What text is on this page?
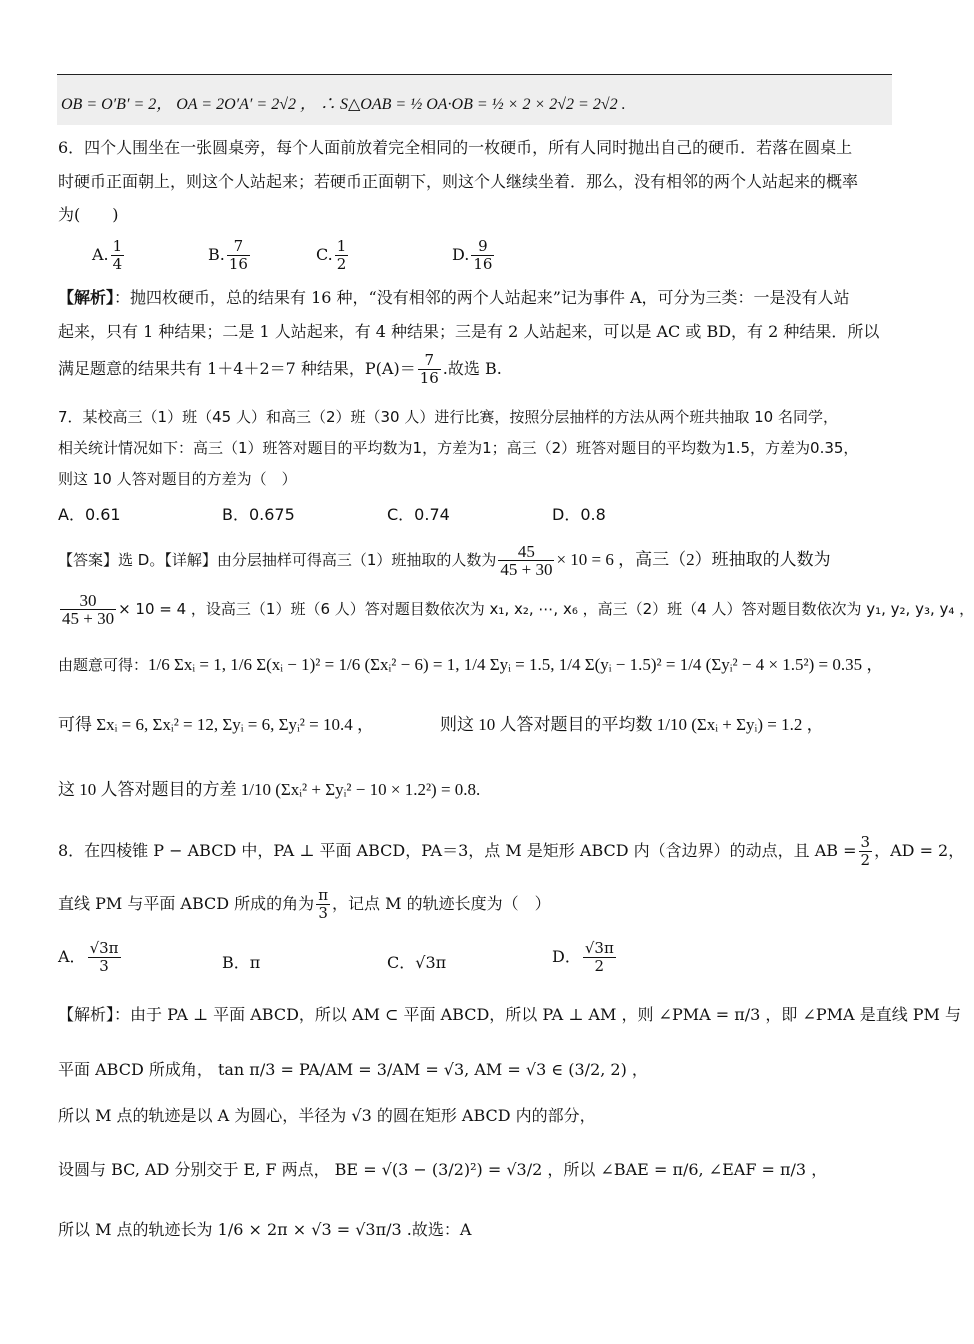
OB = O′B′ = 2， OA = 2O′A′ = 2√2 ， ∴ S△OAB = ½ OA·OB = ½ × 2 × 2√2 = 2√2 .
6．四个人围坐在一张圆桌旁，每个人面前放着完全相同的一枚硬币，所有人同时抛出自己的硬币．若落在圆桌上
时硬币正面朝上，则这个人站起来；若硬币正面朝下，则这个人继续坐着．那么，没有相邻的两个人站起来的概率
为(　　)
A. $\frac{1}{4}$	B. $\frac{7}{16}$	C. $\frac{1}{2}$	D. $\frac{9}{16}$
【解析】：抛四枚硬币，总的结果有 16 种，“没有相邻的两个人站起来”记为事件 A，可分为三类：一是没有人站
起来，只有 1 种结果；二是 1 人站起来，有 4 种结果；三是有 2 人站起来，可以是 AC 或 BD，有 2 种结果．所以
满足题意的结果共有 1＋4＋2＝7 种结果，$P(A)= \frac{7}{16}$ .故选 B.
7．某校高三（1）班（45 人）和高三（2）班（30 人）进行比赛，按照分层抽样的方法从两个班共抽取 10 名同学，
相关统计情况如下：高三（1）班答对题目的平均数为1，方差为1；高三（2）班答对题目的平均数为1.5，方差为0.35，
则这 10 人答对题目的方差为（　）
A．0.61	B．0.675	C．0.74	D．0.8
【答案】选 D。【详解】由分层抽样可得高三（1）班抽取的人数为 $\frac{45}{45 + 30} \times 10 = 6$ ，高三（2）班抽取的人数为
$\frac{30}{45 + 30} \times 10 = 4$ ，设高三（1）班（6 人）答对题目数依次为 x₁, x₂, ⋯, x₆ ，高三（2）班（4 人）答对题目数依次为 y₁, y₂, y₃, y₄ ，
由题意可得：1/6 Σxᵢ = 1, 1/6 Σ(xᵢ − 1)² = 1/6 (Σxᵢ² − 6) = 1, 1/4 Σyᵢ = 1.5, 1/4 Σ(yᵢ − 1.5)² = 1/4 (Σyᵢ² − 4 × 1.5²) = 0.35 ，
可得 Σxᵢ = 6, Σxᵢ² = 12, Σyᵢ = 6, Σyᵢ² = 10.4 ，	则这 10 人答对题目的平均数 1/10 (Σxᵢ + Σyᵢ) = 1.2 ，
这 10 人答对题目的方差 1/10 (Σxᵢ² + Σyᵢ² − 10 × 1.2²) = 0.8.
8．在四棱锥 P − ABCD 中，PA ⊥ 平面 ABCD，PA＝3，点 M 是矩形 ABCD 内（含边界）的动点，且 AB = $\frac{3}{2}$ ，AD = 2，
直线 PM 与平面 ABCD 所成的角为 $\frac{\pi}{3}$ ，记点 M 的轨迹长度为（　）
A． $\frac{√3\pi}{3}$	B．π	C．√3π	D． $\frac{√3\pi}{2}$
【解析】：由于 PA ⊥ 平面 ABCD，所以 AM ⊂ 平面 ABCD，所以 PA ⊥ AM ，则 ∠PMA = π/3 ，即 ∠PMA 是直线 PM 与
平面 ABCD 所成角， tan π/3 = PA/AM = 3/AM = √3, AM = √3 ∈ (3/2, 2) ，
所以 M 点的轨迹是以 A 为圆心，半径为 √3 的圆在矩形 ABCD 内的部分，
设圆与 BC, AD 分别交于 E, F 两点， BE = √(3 − (3/2)²) = √3/2 ，所以 ∠BAE = π/6, ∠EAF = π/3 ，
所以 M 点的轨迹长为 1/6 × 2π × √3 = √3π/3 .故选：A
